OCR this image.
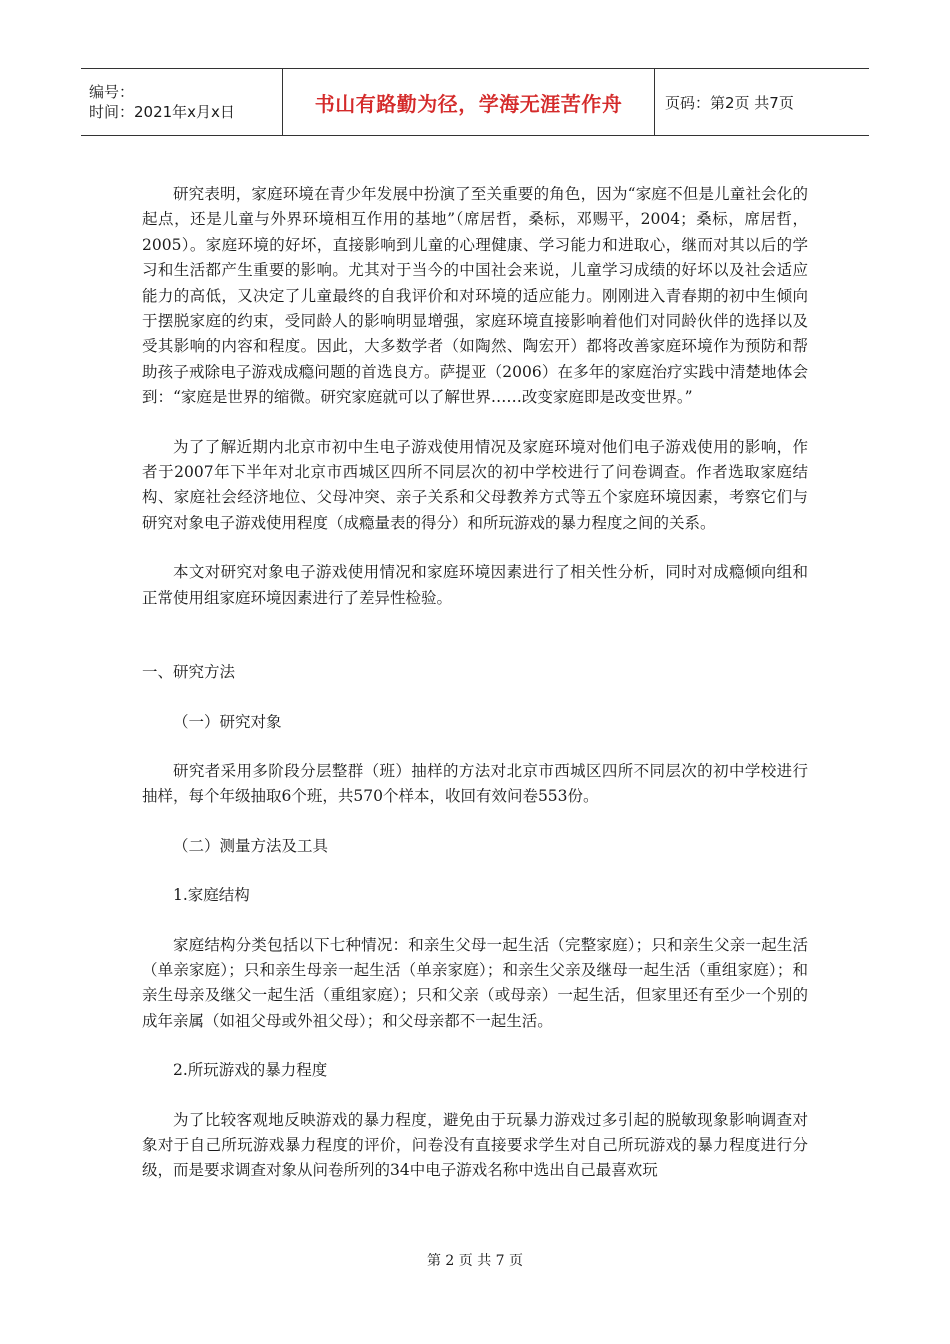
编号：
时间：2021年x月x日	书山有路勤为径，学海无涯苦作舟	页码：第2页 共7页

研究表明，家庭环境在青少年发展中扮演了至关重要的角色，因为“家庭不但是儿童社会化的起点，还是儿童与外界环境相互作用的基地”（席居哲，桑标，邓赐平，2004；桑标，席居哲，2005）。家庭环境的好坏，直接影响到儿童的心理健康、学习能力和进取心，继而对其以后的学习和生活都产生重要的影响。尤其对于当今的中国社会来说，儿童学习成绩的好坏以及社会适应能力的高低，又决定了儿童最终的自我评价和对环境的适应能力。刚刚进入青春期的初中生倾向于摆脱家庭的约束，受同龄人的影响明显增强，家庭环境直接影响着他们对同龄伙伴的选择以及受其影响的内容和程度。因此，大多数学者（如陶然、陶宏开）都将改善家庭环境作为预防和帮助孩子戒除电子游戏成瘾问题的首选良方。萨提亚（2006）在多年的家庭治疗实践中清楚地体会到：“家庭是世界的缩微。研究家庭就可以了解世界……改变家庭即是改变世界。”

为了了解近期内北京市初中生电子游戏使用情况及家庭环境对他们电子游戏使用的影响，作者于2007年下半年对北京市西城区四所不同层次的初中学校进行了问卷调查。作者选取家庭结构、家庭社会经济地位、父母冲突、亲子关系和父母教养方式等五个家庭环境因素，考察它们与研究对象电子游戏使用程度（成瘾量表的得分）和所玩游戏的暴力程度之间的关系。

本文对研究对象电子游戏使用情况和家庭环境因素进行了相关性分析，同时对成瘾倾向组和正常使用组家庭环境因素进行了差异性检验。

一、研究方法

（一）研究对象

研究者采用多阶段分层整群（班）抽样的方法对北京市西城区四所不同层次的初中学校进行抽样，每个年级抽取6个班，共570个样本，收回有效问卷553份。

（二）测量方法及工具

1.家庭结构

家庭结构分类包括以下七种情况：和亲生父母一起生活（完整家庭）；只和亲生父亲一起生活（单亲家庭）；只和亲生母亲一起生活（单亲家庭）；和亲生父亲及继母一起生活（重组家庭）；和亲生母亲及继父一起生活（重组家庭）；只和父亲（或母亲）一起生活，但家里还有至少一个别的成年亲属（如祖父母或外祖父母）；和父母亲都不一起生活。

2.所玩游戏的暴力程度

为了比较客观地反映游戏的暴力程度，避免由于玩暴力游戏过多引起的脱敏现象影响调查对象对于自己所玩游戏暴力程度的评价，问卷没有直接要求学生对自己所玩游戏的暴力程度进行分级，而是要求调查对象从问卷所列的34中电子游戏名称中选出自己最喜欢玩

第 2 页 共 7 页
